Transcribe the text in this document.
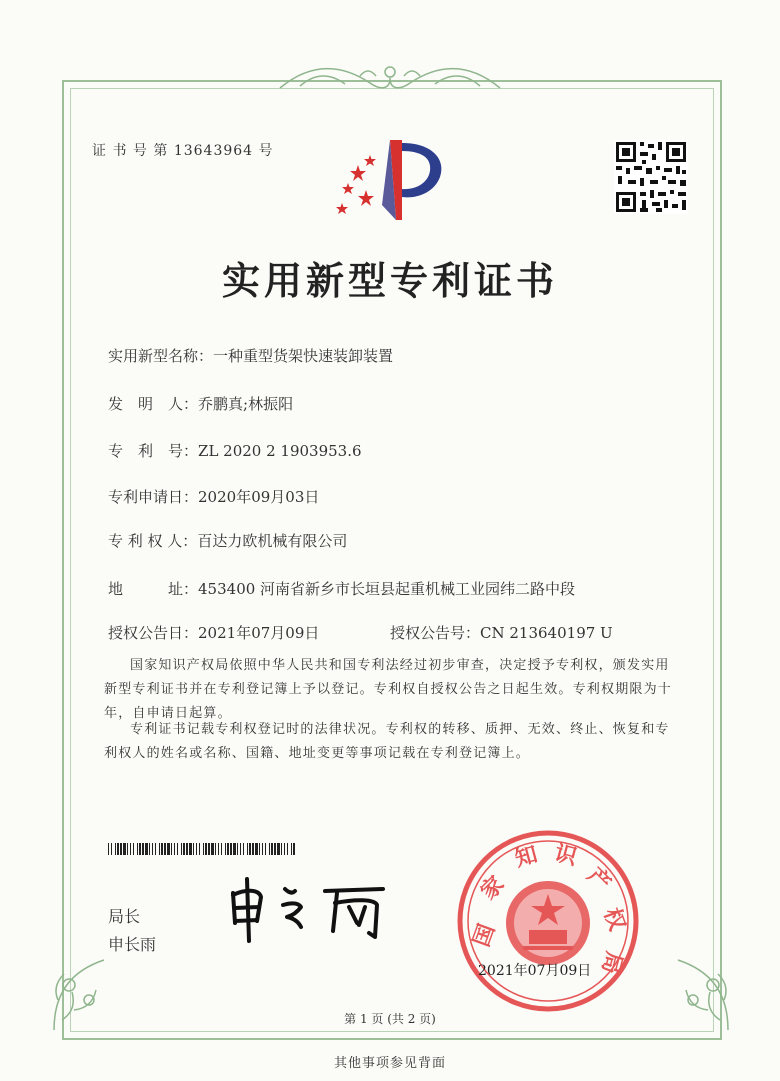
证 书 号 第 13643964 号
实用新型专利证书
实用新型名称：一种重型货架快速装卸装置
发　明　人：乔鹏真;林振阳
专　利　号：ZL 2020 2 1903953.6
专利申请日：2020年09月03日
专 利 权 人：百达力欧机械有限公司
地　　　址：453400 河南省新乡市长垣县起重机械工业园纬二路中段
授权公告日：2021年07月09日	授权公告号：CN 213640197 U
国家知识产权局依照中华人民共和国专利法经过初步审查，决定授予专利权，颁发实用新型专利证书并在专利登记簿上予以登记。专利权自授权公告之日起生效。专利权期限为十年，自申请日起算。
专利证书记载专利权登记时的法律状况。专利权的转移、质押、无效、终止、恢复和专利权人的姓名或名称、国籍、地址变更等事项记载在专利登记簿上。
局长
申长雨	国
家
知 识
产
权
局
2021年07月09日
第 1 页 (共 2 页)
其他事项参见背面
